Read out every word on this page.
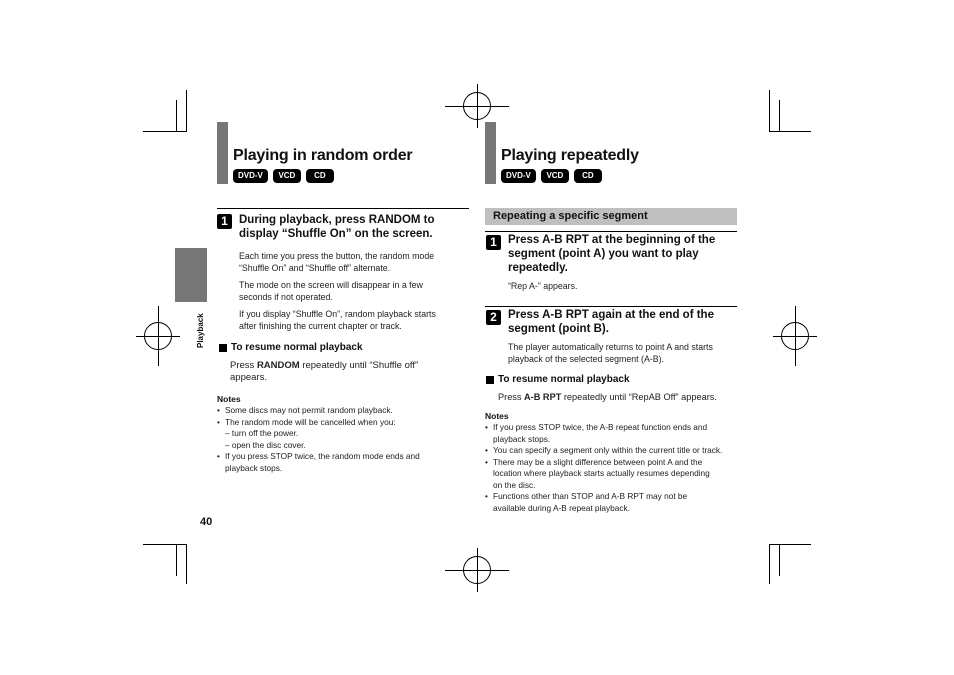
Playback
Playing in random order
DVD-V	VCD	CD
1 During playback, press RANDOM to
display “Shuffle On” on the screen.
Each time you press the button, the random mode
“Shuffle On” and “Shuffle off” alternate.
The mode on the screen will disappear in a few
seconds if not operated.
If you display “Shuffle On”, random playback starts
after finishing the current chapter or track.
To resume normal playback
Press RANDOM repeatedly until “Shuffle off”
appears.
Notes
• Some discs may not permit random playback.
• The random mode will be cancelled when you:
– turn off the power.
– open the disc cover.
• If you press STOP twice, the random mode ends and
playback stops.
40
Playing repeatedly
DVD-V	VCD	CD
Repeating a specific segment
1 Press A-B RPT at the beginning of the
segment (point A) you want to play
repeatedly.
“Rep A-” appears.
2 Press A-B RPT again at the end of the
segment (point B).
The player automatically returns to point A and starts
playback of the selected segment (A-B).
To resume normal playback
Press A-B RPT repeatedly until “RepAB Off” appears.
Notes
• If you press STOP twice, the A-B repeat function ends and
playback stops.
• You can specify a segment only within the current title or track.
• There may be a slight difference between point A and the
location where playback starts actually resumes depending
on the disc.
• Functions other than STOP and A-B RPT may not be
available during A-B repeat playback.
